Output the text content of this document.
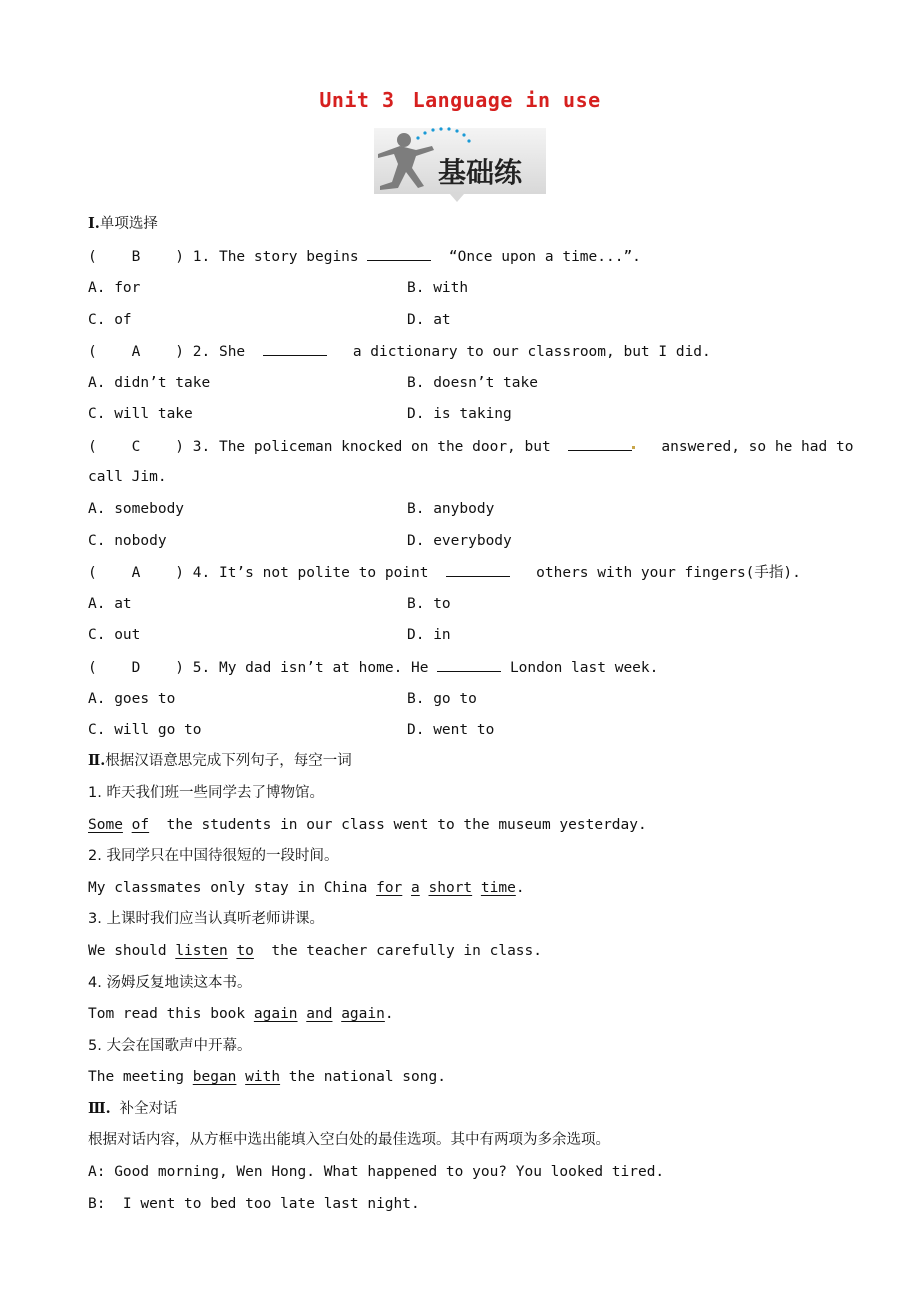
Unit 3 Language in use
基础练
Ⅰ.单项选择
(    B    ) 1. The story begins	“Once upon a time...”.
A. for	B. with
C. of	D. at
(    A    ) 2. She	a dictionary to our classroom, but I did.
A. didn’t take	B. doesn’t take
C. will take	D. is taking
(    C    ) 3. The policeman knocked on the door, but	answered, so he had to
call Jim.
A. somebody	B. anybody
C. nobody	D. everybody
(    A    ) 4. It’s not polite to point	others with your fingers(手指).
A. at	B. to
C. out	D. in
(    D    ) 5. My dad isn’t at home. He	London last week.
A. goes to	B. go to
C. will go to	D. went to
Ⅱ.根据汉语意思完成下列句子，每空一词
1. 昨天我们班一些同学去了博物馆。
Some of  the students in our class went to the museum yesterday.
2. 我同学只在中国待很短的一段时间。
My classmates only stay in China for a short time.
3. 上课时我们应当认真听老师讲课。
We should listen to  the teacher carefully in class.
4. 汤姆反复地读这本书。
Tom read this book again and again.
5. 大会在国歌声中开幕。
The meeting began with the national song.
Ⅲ. 补全对话
根据对话内容，从方框中选出能填入空白处的最佳选项。其中有两项为多余选项。
A: Good morning, Wen Hong. What happened to you? You looked tired.
B:  I went to bed too late last night.
